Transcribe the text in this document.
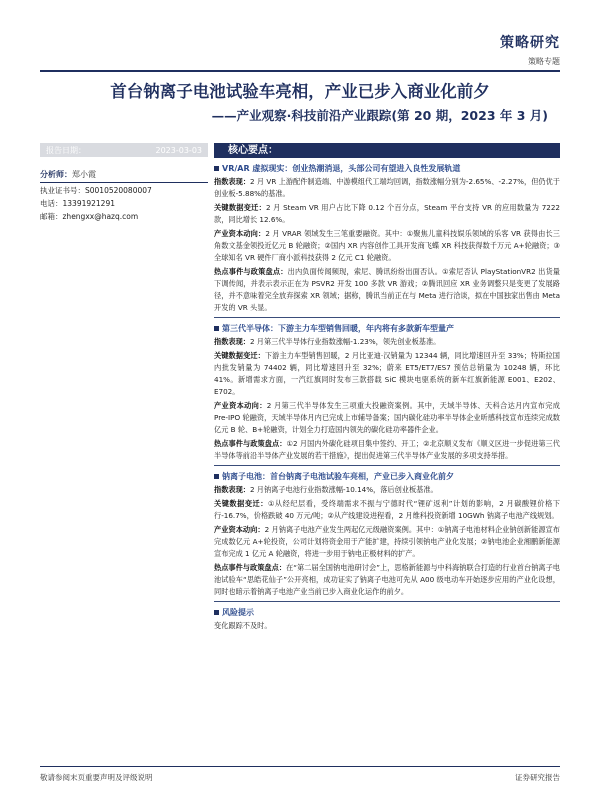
策略研究
策略专题
首台钠离子电池试验车亮相，产业已步入商业化前夕
——产业观察·科技前沿产业跟踪(第 20 期，2023 年 3 月)
报告日期：	2023-03-03
分析师：郑小霞
执业证书号：S0010520080007
电话：13391921291
邮箱：zhengxx@hazq.com
核心要点：
VR/AR 虚拟现实：创业热潮消退，头部公司有望进入良性发展轨道
指数表现：2 月 VR 上游配件制造端、中游模组代工端均回调，指数涨幅分别为-2.65%、-2.27%，但仍优于创业板-5.88%的基准。
关键数据变迁：2 月 Steam VR 用户占比下降 0.12 个百分点，Steam 平台支持 VR 的应用数量为 7222 款，同比增长 12.6%。
产业资本动向：2 月 VRAR 领域发生三笔重要融资。其中：①聚焦儿童科技娱乐领域的乐客 VR 获得由长三角数文基金领投近亿元 B 轮融资；②国内 XR 内容创作工具开发商飞蝶 XR 科技获得数千万元 A+轮融资；③全球知名 VR 硬件厂商小派科技获得 2 亿元 C1 轮融资。
热点事件与政策盘点：出内负面传闻频现，索尼、腾讯纷纷出面否认。①索尼否认 PlayStationVR2 出货量下调传闻，并表示表示正在为 PSVR2 开发 100 多款 VR 游戏；②腾讯回应 XR 业务调整只是变更了发展路径，并不意味着完全放弃探索 XR 领域；据称，腾讯当前正在与 Meta 进行洽谈，拟在中国独家出售由 Meta 开发的 VR 头显。
第三代半导体：下游主力车型销售回暖，年内将有多款新车型量产
指数表现：2 月第三代半导体行业指数涨幅-1.23%，领先创业板基准。
关键数据变迁：下游主力车型销售回暖，2 月比亚迪·汉销量为 12344 辆，同比增速回升至 33%；特斯拉国内批发销量为 74402 辆，同比增速回升至 32%；蔚来 ET5/ET7/ES7 预估总销量为 10248 辆，环比 41%。新增需求方面，一汽红旗同时发布三款搭载 SiC 模块电驱系统的新车红旗新能源 E001、E202、E702。
产业资本动向：2 月第三代半导体发生三项重大投融资案例。其中，天域半导体、天科合达月内宣布完成 Pre-IPO 轮融资，天域半导体月内已完成上市辅导备案；国内碳化硅功率半导体企业昕感科技宣布连续完成数亿元 B 轮、B+轮融资，计划全力打造国内领先的碳化硅功率器件企业。
热点事件与政策盘点：①2 月国内外碳化硅项目集中签约、开工；②北京顺义发布《顺义区进一步促进第三代半导体等前沿半导体产业发展的若干措施》，提出促进第三代半导体产业发展的多项支持举措。
钠离子电池：首台钠离子电池试验车亮相，产业已步入商业化前夕
指数表现：2 月钠离子电池行业指数涨幅-10.14%，落后创业板基准。
关键数据变迁：①从经纪层看，受终端需求不振与宁德时代“锂矿返利”计划的影响，2 月碳酸锂价格下行-16.7%，价格跌破 40 万元/吨；②从产线建设进程看，2 月维科投资新增 10GWh 钠离子电池产线规划。
产业资本动向：2 月钠离子电池产业发生两起亿元级融资案例。其中：①钠离子电池材料企业钠创新能源宣布完成数亿元 A+轮投资，公司计划将资金用于产能扩建，持续引领钠电产业化发展；②钠电池企业湘鹏新能源宣布完成 1 亿元 A 轮融资，将进一步用于钠电正极材料的扩产。
热点事件与政策盘点：在“第二届全国钠电池研讨会”上，思格新能源与中科海钠联合打造的行业首台钠离子电池试验车“思皓花仙子”公开亮相，成功证实了钠离子电池可先从 A00 级电动车开始逐步应用的产业化设想，同时也暗示着钠离子电池产业当前已步入商业化运作的前夕。
风险提示
变化跟踪不及时。
敬请参阅末页重要声明及评级说明	证券研究报告
